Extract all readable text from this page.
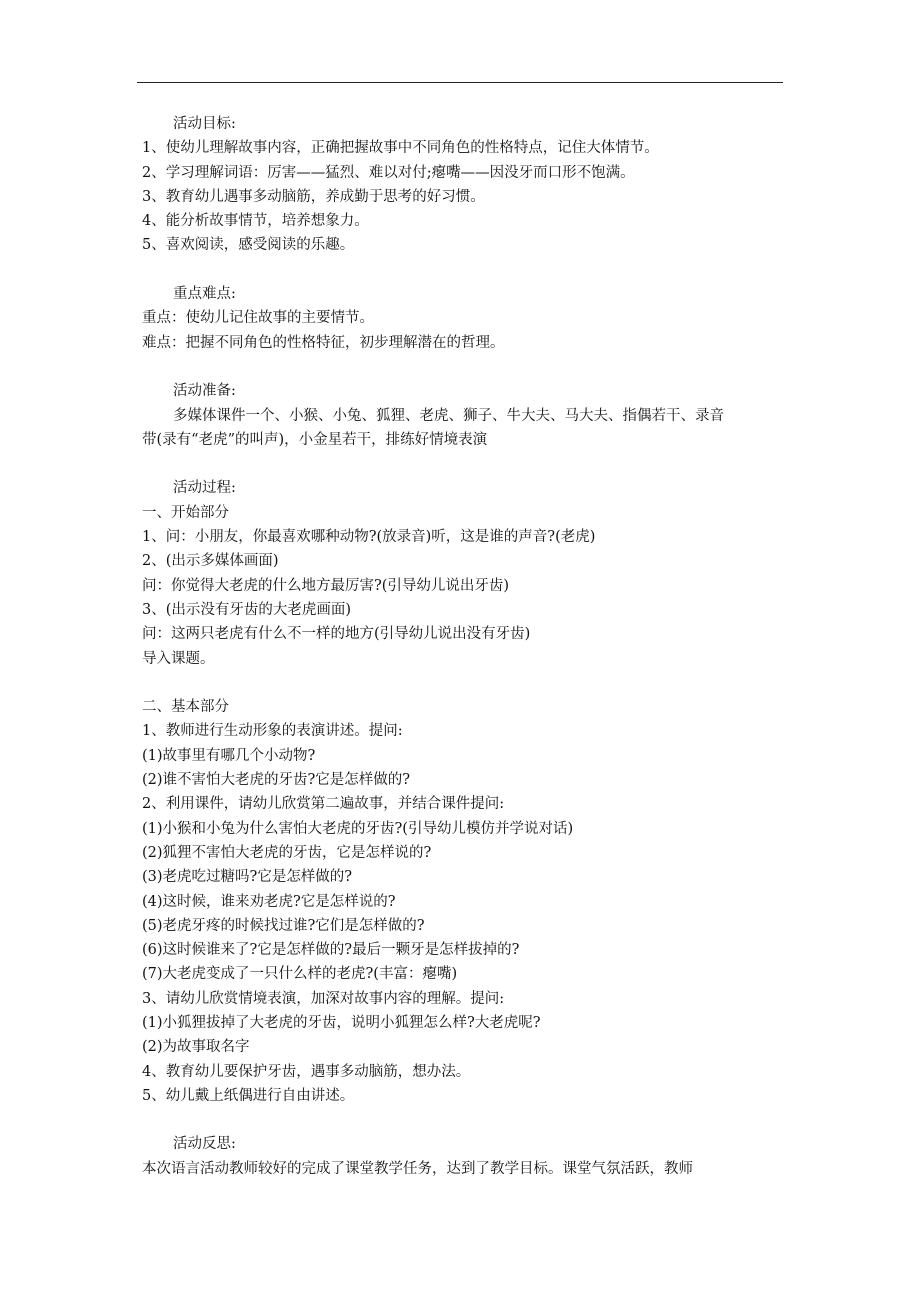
活动目标:
1、使幼儿理解故事内容，正确把握故事中不同角色的性格特点，记住大体情节。
2、学习理解词语：厉害——猛烈、难以对付;瘪嘴——因没牙而口形不饱满。
3、教育幼儿遇事多动脑筋，养成勤于思考的好习惯。
4、能分析故事情节，培养想象力。
5、喜欢阅读，感受阅读的乐趣。
重点难点:
重点：使幼儿记住故事的主要情节。
难点：把握不同角色的性格特征，初步理解潜在的哲理。
活动准备:
多媒体课件一个、小猴、小兔、狐狸、老虎、狮子、牛大夫、马大夫、指偶若干、录音
带(录有“老虎”的叫声)，小金星若干，排练好情境表演
活动过程:
一、开始部分
1、问：小朋友，你最喜欢哪种动物?(放录音)听，这是谁的声音?(老虎)
2、(出示多媒体画面)
问：你觉得大老虎的什么地方最厉害?(引导幼儿说出牙齿)
3、(出示没有牙齿的大老虎画面)
问：这两只老虎有什么不一样的地方(引导幼儿说出没有牙齿)
导入课题。
二、基本部分
1、教师进行生动形象的表演讲述。提问:
(1)故事里有哪几个小动物?
(2)谁不害怕大老虎的牙齿?它是怎样做的?
2、利用课件，请幼儿欣赏第二遍故事，并结合课件提问:
(1)小猴和小兔为什么害怕大老虎的牙齿?(引导幼儿模仿并学说对话)
(2)狐狸不害怕大老虎的牙齿，它是怎样说的?
(3)老虎吃过糖吗?它是怎样做的?
(4)这时候，谁来劝老虎?它是怎样说的?
(5)老虎牙疼的时候找过谁?它们是怎样做的?
(6)这时候谁来了?它是怎样做的?最后一颗牙是怎样拔掉的?
(7)大老虎变成了一只什么样的老虎?(丰富：瘪嘴)
3、请幼儿欣赏情境表演，加深对故事内容的理解。提问:
(1)小狐狸拔掉了大老虎的牙齿，说明小狐狸怎么样?大老虎呢?
(2)为故事取名字
4、教育幼儿要保护牙齿，遇事多动脑筋，想办法。
5、幼儿戴上纸偶进行自由讲述。
活动反思:
本次语言活动教师较好的完成了课堂教学任务，达到了教学目标。课堂气氛活跃，教师
